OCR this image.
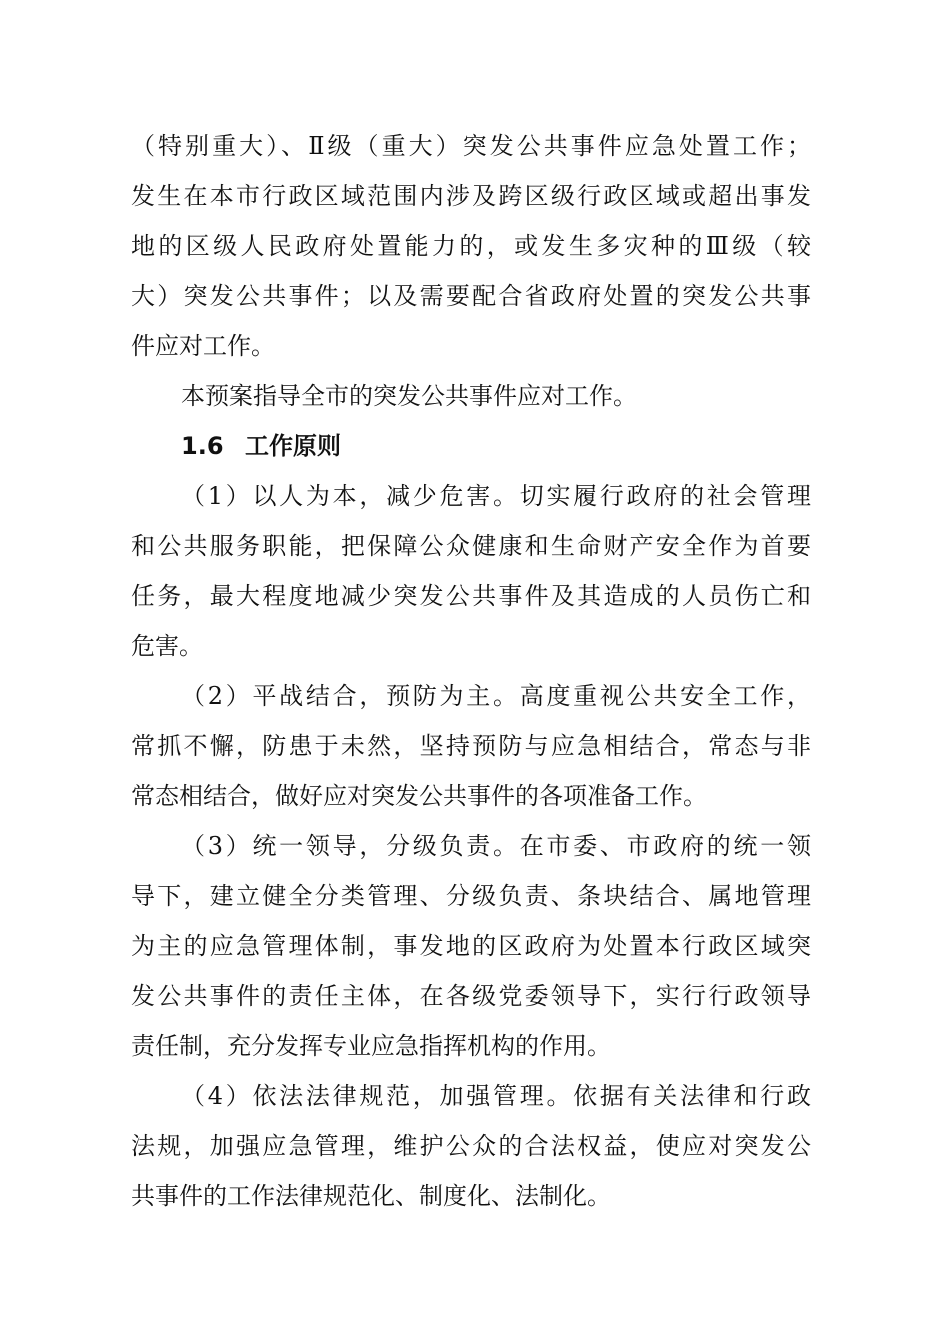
（特别重大）、Ⅱ级（重大）突发公共事件应急处置工作；
发生在本市行政区域范围内涉及跨区级行政区域或超出事发
地的区级人民政府处置能力的，或发生多灾种的Ⅲ级（较
大）突发公共事件；以及需要配合省政府处置的突发公共事
件应对工作。
本预案指导全市的突发公共事件应对工作。
1.6 工作原则
（1）以人为本，减少危害。切实履行政府的社会管理
和公共服务职能，把保障公众健康和生命财产安全作为首要
任务，最大程度地减少突发公共事件及其造成的人员伤亡和
危害。
（2）平战结合，预防为主。高度重视公共安全工作，
常抓不懈，防患于未然，坚持预防与应急相结合，常态与非
常态相结合，做好应对突发公共事件的各项准备工作。
（3）统一领导，分级负责。在市委、市政府的统一领
导下，建立健全分类管理、分级负责、条块结合、属地管理
为主的应急管理体制，事发地的区政府为处置本行政区域突
发公共事件的责任主体，在各级党委领导下，实行行政领导
责任制，充分发挥专业应急指挥机构的作用。
（4）依法法律规范，加强管理。依据有关法律和行政
法规，加强应急管理，维护公众的合法权益，使应对突发公
共事件的工作法律规范化、制度化、法制化。
